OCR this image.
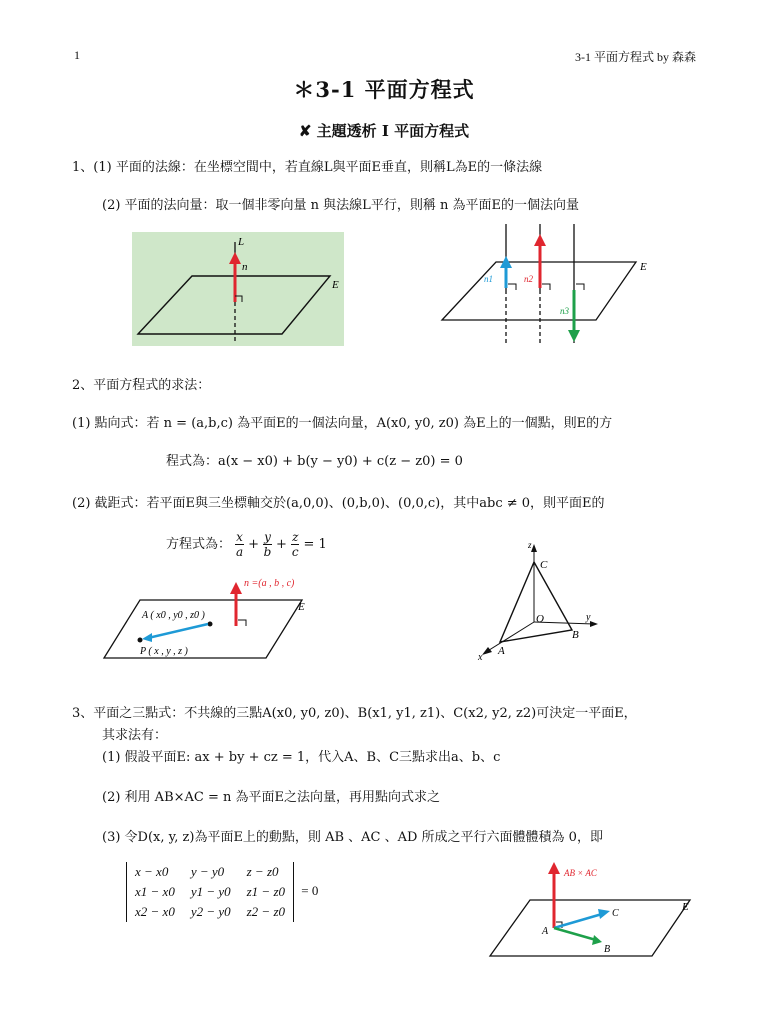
1	3-1 平面方程式 by 森森
＊3-1 平面方程式
✘ 主題透析 I 平面方程式
1、(1) 平面的法線：在坐標空間中，若直線L與平面E垂直，則稱L為E的一條法線
(2) 平面的法向量：取一個非零向量 n 與法線L平行，則稱 n 為平面E的一個法向量
L
n
E	n1	n2
n3
E
2、平面方程式的求法：
(1) 點向式：若 n = (a,b,c) 為平面E的一個法向量，A(x0, y0, z0) 為E上的一個點，則E的方
程式為：a(x − x0) + b(y − y0) + c(z − z0) = 0
(2) 截距式：若平面E與三坐標軸交於(a,0,0)、(0,b,0)、(0,0,c)，其中abc ≠ 0，則平面E的
方程式為： $\frac{x}{a} + \frac{y}{b} + \frac{z}{c} = 1$
n =(a , b , c)
A ( x0 , y0 , z0 )
P ( x , y , z )
E
z
y
x
C
B
A
O
3、平面之三點式：不共線的三點A(x0, y0, z0)、B(x1, y1, z1)、C(x2, y2, z2)可決定一平面E，
其求法有：
(1) 假設平面E: ax + by + cz = 1，代入A、B、C三點求出a、b、c
(2) 利用 AB×AC = n 為平面E之法向量，再用點向式求之
(3) 令D(x, y, z)為平面E上的動點，則 AB 、AC 、AD 所成之平行六面體體積為 0，即
x − x0	y − y0	z − z0
x1 − x0	y1 − y0	z1 − z0
x2 − x0	y2 − y0	z2 − z0 = 0
AB × AC
A
B
C
E
